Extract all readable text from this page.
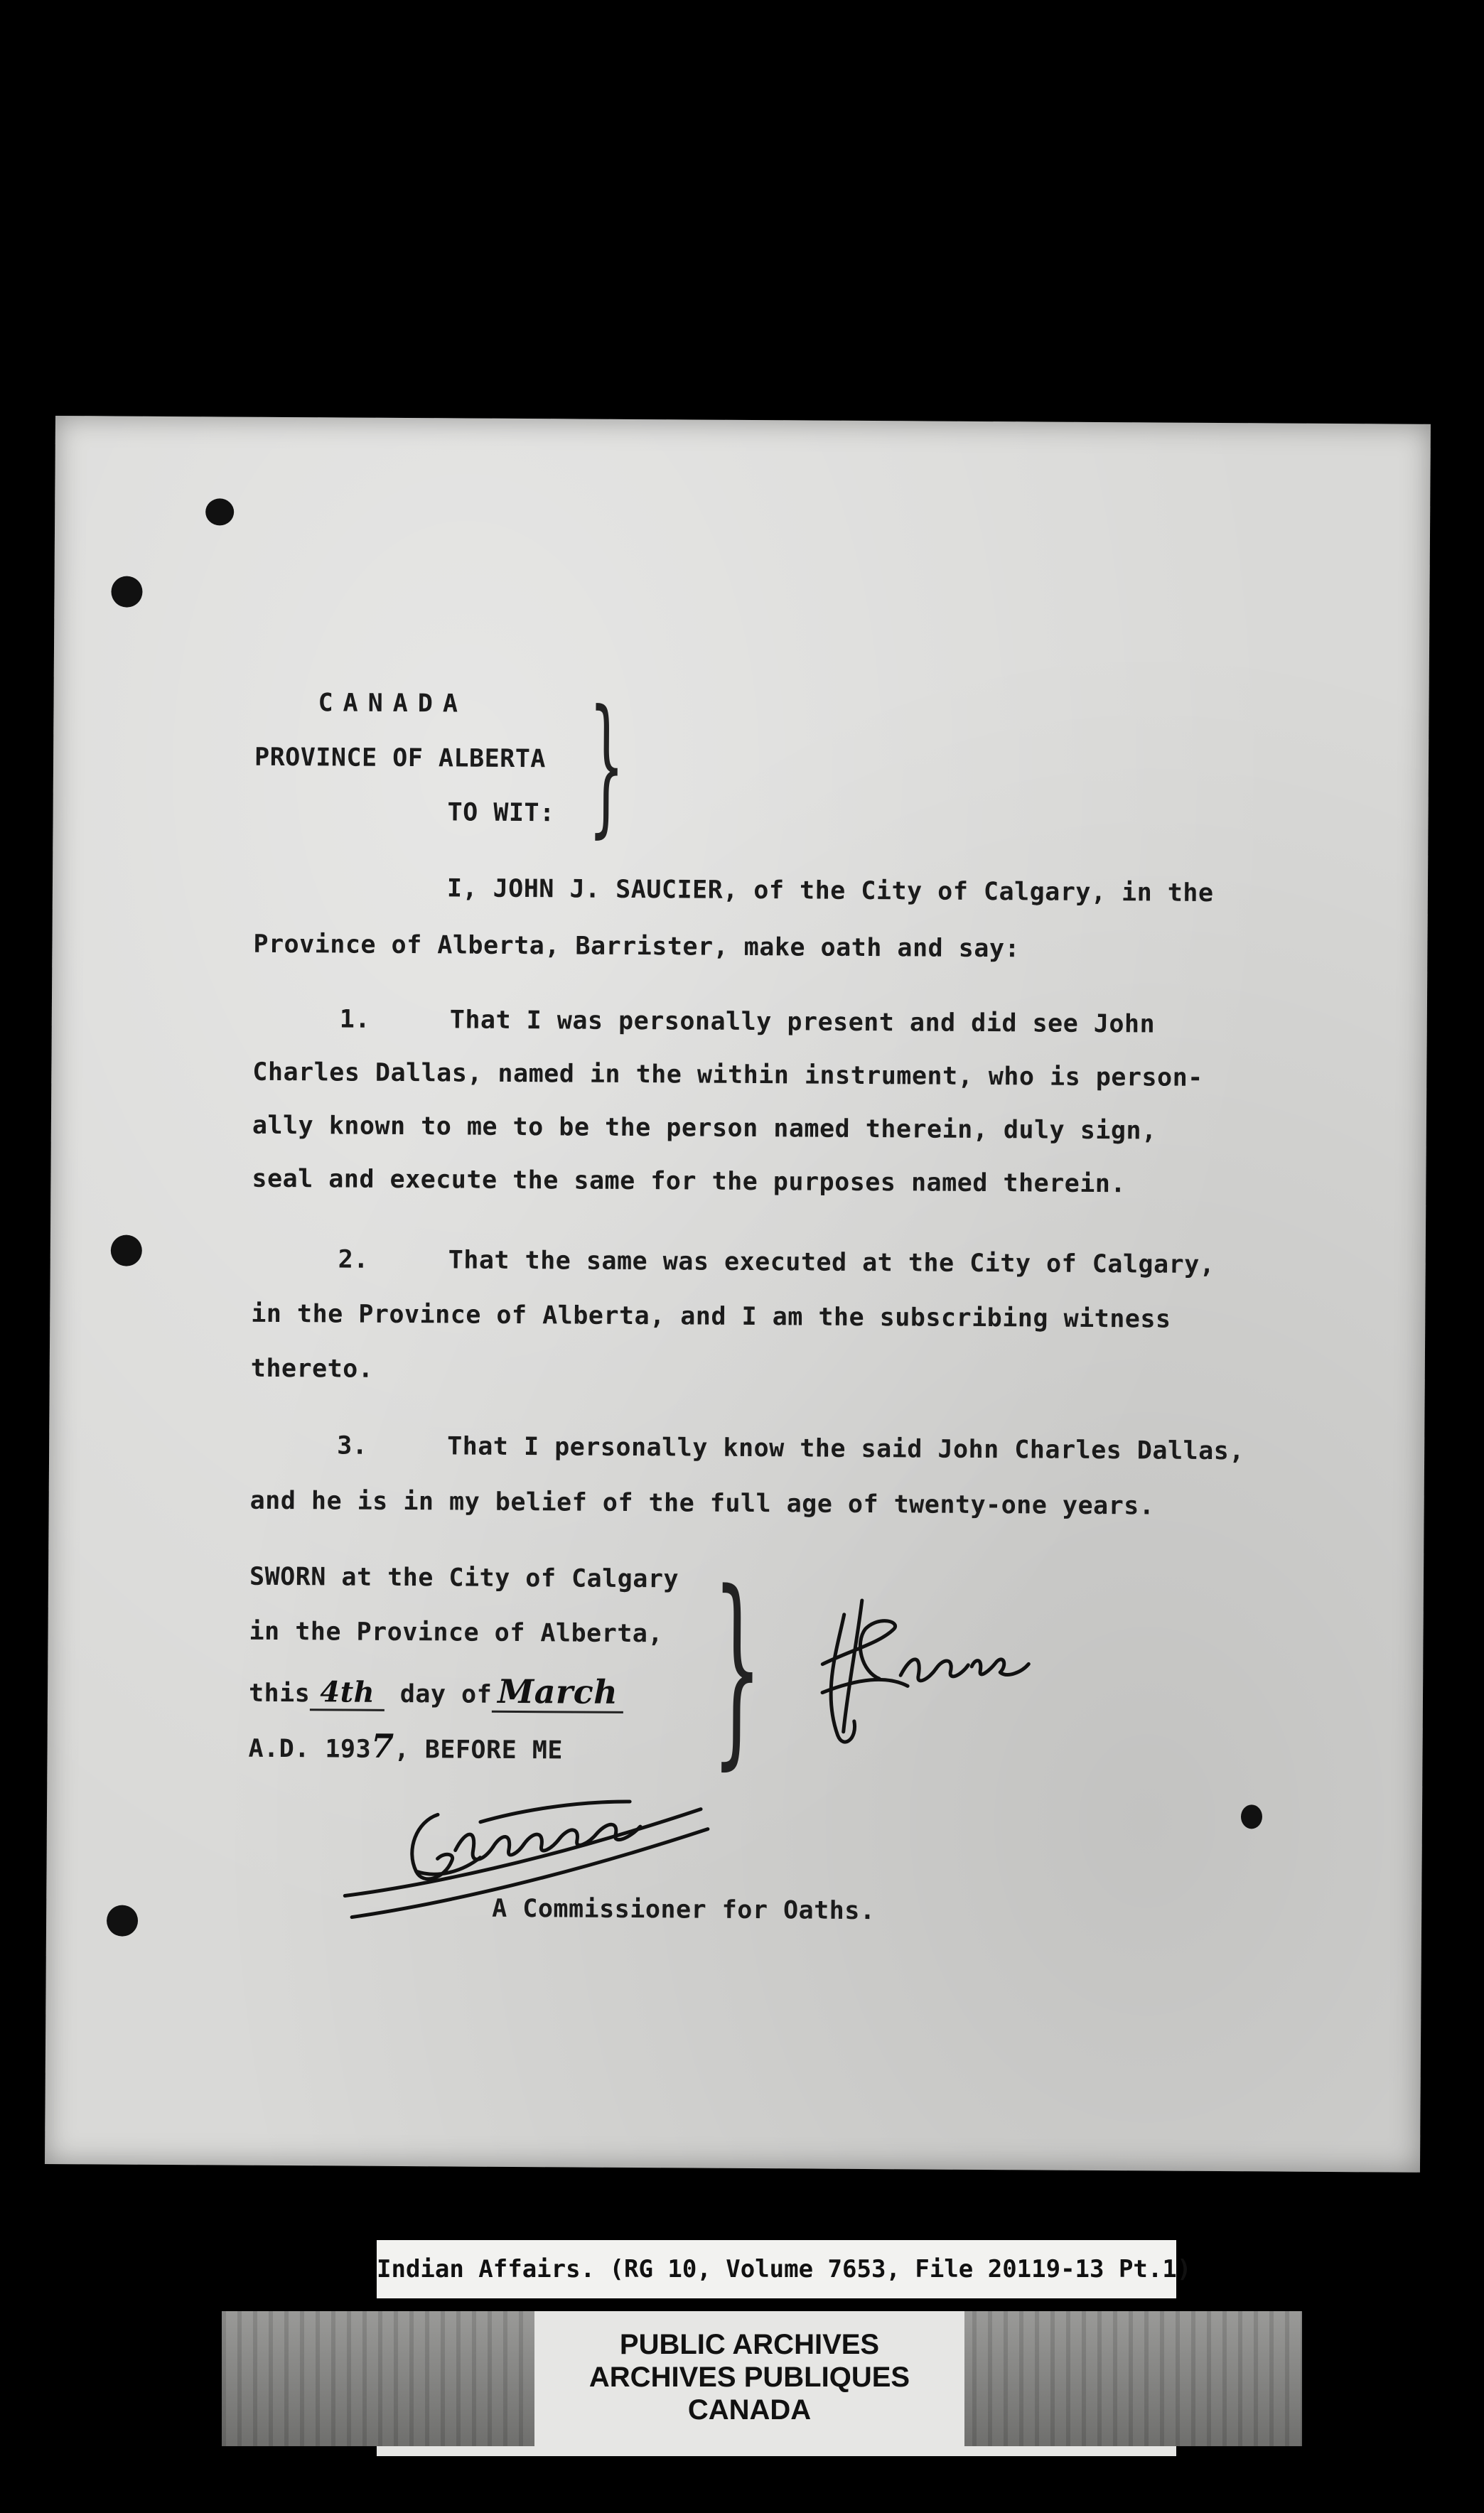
CANADA
PROVINCE OF ALBERTA
TO WIT: }
I, JOHN J. SAUCIER, of the City of Calgary, in the
Province of Alberta, Barrister, make oath and say:
1.	That I was personally present and did see John
Charles Dallas, named in the within instrument, who is person-
ally known to me to be the person named therein, duly sign,
seal and execute the same for the purposes named therein.
2.	That the same was executed at the City of Calgary,
in the Province of Alberta, and I am the subscribing witness
thereto.
3.	That I personally know the said John Charles Dallas,
and he is in my belief of the full age of twenty-one years.
SWORN at the City of Calgary
in the Province of Alberta,
this 4th day of March
A.D. 1937, BEFORE ME }
A Commissioner for Oaths.
Indian Affairs. (RG 10, Volume 7653, File 20119-13 Pt.1)
PUBLIC ARCHIVES
ARCHIVES PUBLIQUES
CANADA
